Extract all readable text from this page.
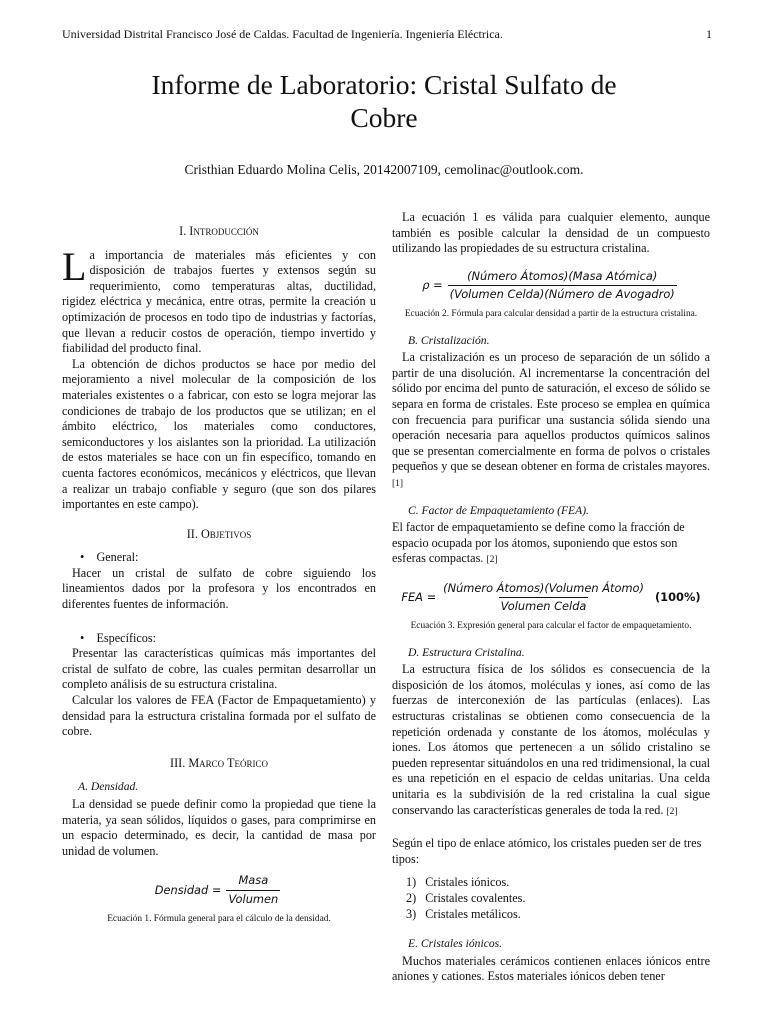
Universidad Distrital Francisco José de Caldas. Facultad de Ingeniería. Ingeniería Eléctrica.	1
Informe de Laboratorio: Cristal Sulfato de
Cobre
Cristhian Eduardo Molina Celis, 20142007109, cemolinac@outlook.com.
I. Introducción

La importancia de materiales más eficientes y con disposición de trabajos fuertes y extensos según su requerimiento, como temperaturas altas, ductilidad, rigidez eléctrica y mecánica, entre otras, permite la creación u optimización de procesos en todo tipo de industrias y factorías, que llevan a reducir costos de operación, tiempo invertido y fiabilidad del producto final.

La obtención de dichos productos se hace por medio del mejoramiento a nivel molecular de la composición de los materiales existentes o a fabricar, con esto se logra mejorar las condiciones de trabajo de los productos que se utilizan; en el ámbito eléctrico, los materiales como conductores, semiconductores y los aislantes son la prioridad. La utilización de estos materiales se hace con un fin específico, tomando en cuenta factores económicos, mecánicos y eléctricos, que llevan a realizar un trabajo confiable y seguro (que son dos pilares importantes en este campo).

II. Objetivos
•    General:

Hacer un cristal de sulfato de cobre siguiendo los lineamientos dados por la profesora y los encontrados en diferentes fuentes de información.

•    Específicos:

Presentar las características químicas más importantes del cristal de sulfato de cobre, las cuales permitan desarrollar un completo análisis de su estructura cristalina.

Calcular los valores de FEA (Factor de Empaquetamiento) y densidad para la estructura cristalina formada por el sulfato de cobre.

III. Marco Teórico
A. Densidad.

La densidad se puede definir como la propiedad que tiene la materia, ya sean sólidos, líquidos o gases, para comprimirse en un espacio determinado, es decir, la cantidad de masa por unidad de volumen.

Densidad = $\frac{\text{Masa}}{\text{Volumen}}$
Ecuación 1. Fórmula general para el cálculo de la densidad.

La ecuación 1 es válida para cualquier elemento, aunque también es posible calcular la densidad de un compuesto utilizando las propiedades de su estructura cristalina.

$\rho = \frac{\text{(Número Átomos)(Masa Atómica)}}{\text{(Volumen Celda)(Número de Avogadro)}}$
Ecuación 2. Fórmula para calcular densidad a partir de la estructura cristalina.
B. Cristalización.

La cristalización es un proceso de separación de un sólido a partir de una disolución. Al incrementarse la concentración del sólido por encima del punto de saturación, el exceso de sólido se separa en forma de cristales. Este proceso se emplea en química con frecuencia para purificar una sustancia sólida siendo una operación necesaria para aquellos productos químicos salinos que se presentan comercialmente en forma de polvos o cristales pequeños y que se desean obtener en forma de cristales mayores. [1]

C. Factor de Empaquetamiento (FEA).

El factor de empaquetamiento se define como la fracción de espacio ocupada por los átomos, suponiendo que estos son esferas compactas. [2]

FEA = $\frac{\text{(Número Átomos)(Volumen Átomo)}}{\text{Volumen Celda}} (100\%)$
Ecuación 3. Expresión general para calcular el factor de empaquetamiento.
D. Estructura Cristalina.

La estructura física de los sólidos es consecuencia de la disposición de los átomos, moléculas y iones, así como de las fuerzas de interconexión de las partículas (enlaces). Las estructuras cristalinas se obtienen como consecuencia de la repetición ordenada y constante de los átomos, moléculas y iones. Los átomos que pertenecen a un sólido cristalino se pueden representar situándolos en una red tridimensional, la cual es una repetición en el espacio de celdas unitarias. Una celda unitaria es la subdivisión de la red cristalina la cual sigue conservando las características generales de toda la red. [2]

Según el tipo de enlace atómico, los cristales pueden ser de tres tipos:

1)   Cristales iónicos.
2)   Cristales covalentes.
3)   Cristales metálicos.
E. Cristales iónicos.

Muchos materiales cerámicos contienen enlaces iónicos entre aniones y cationes. Estos materiales iónicos deben tener
